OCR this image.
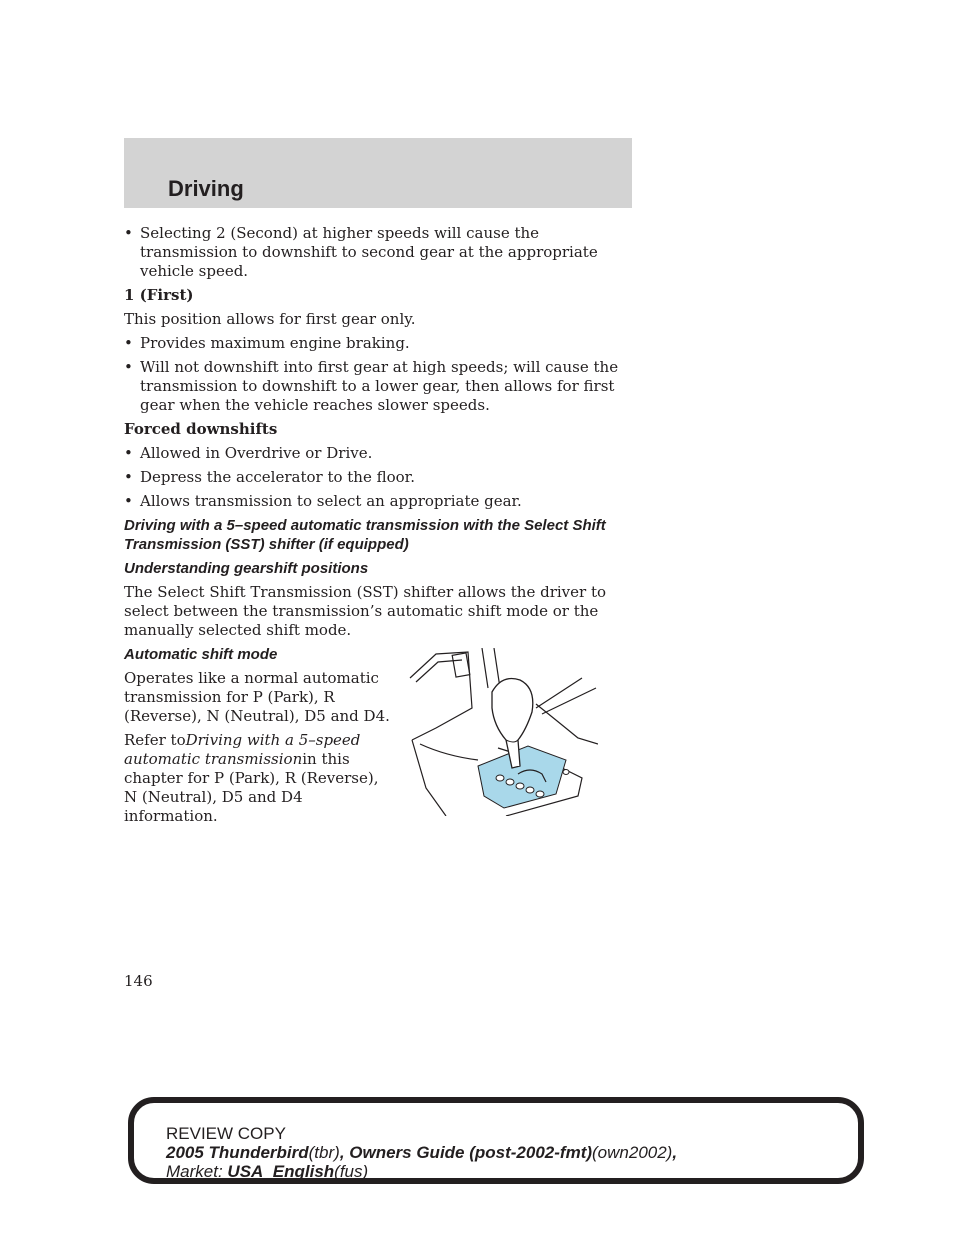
Driving
• Selecting 2 (Second) at higher speeds will cause the transmission to downshift to second gear at the appropriate vehicle speed.
1 (First)
This position allows for first gear only.
• Provides maximum engine braking.
• Will not downshift into first gear at high speeds; will cause the transmission to downshift to a lower gear, then allows for first gear when the vehicle reaches slower speeds.
Forced downshifts
• Allowed in Overdrive or Drive.
• Depress the accelerator to the floor.
• Allows transmission to select an appropriate gear.
Driving with a 5–speed automatic transmission with the Select Shift Transmission (SST) shifter (if equipped)
Understanding gearshift positions
The Select Shift Transmission (SST) shifter allows the driver to select between the transmission’s automatic shift mode or the manually selected shift mode.
Automatic shift mode
Operates like a normal automatic transmission for P (Park), R (Reverse), N (Neutral), D5 and D4.
Refer toDriving with a 5–speed automatic transmissionin this chapter for P (Park), R (Reverse), N (Neutral), D5 and D4 information.
146
REVIEW COPY
2005 Thunderbird(tbr), Owners Guide (post-2002-fmt)(own2002),
Market: USA_English(fus)
